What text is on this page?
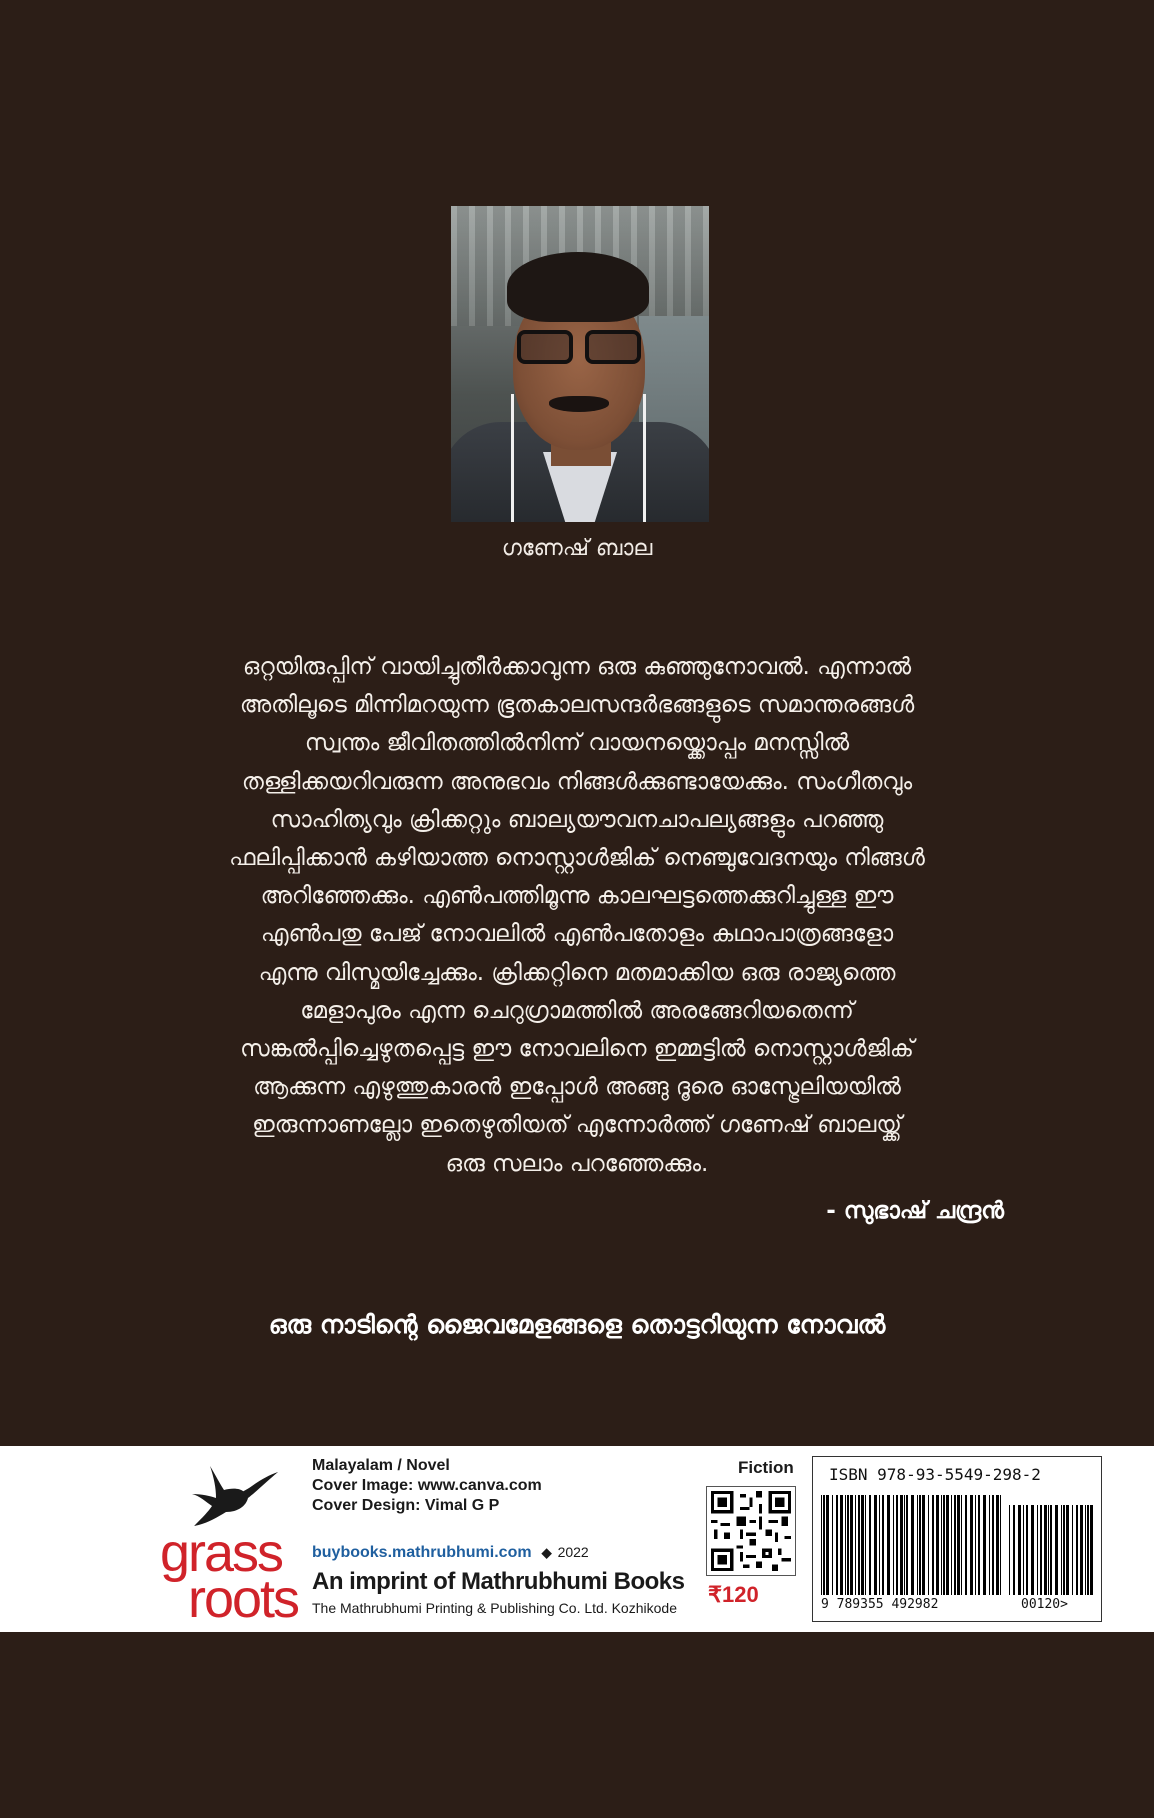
ഗണേഷ് ബാല
ഒറ്റയിരുപ്പിന് വായിച്ചുതീർക്കാവുന്ന ഒരു കുഞ്ഞുനോവൽ. എന്നാൽ
അതിലൂടെ മിന്നിമറയുന്ന ഭൂതകാലസന്ദർഭങ്ങളുടെ സമാന്തരങ്ങൾ
സ്വന്തം ജീവിതത്തിൽനിന്ന് വായനയ്ക്കൊപ്പം മനസ്സിൽ
തള്ളിക്കയറിവരുന്ന അനുഭവം നിങ്ങൾക്കുണ്ടായേക്കും. സംഗീതവും
സാഹിത്യവും ക്രിക്കറ്റും ബാല്യയൗവനചാപല്യങ്ങളും പറഞ്ഞു
ഫലിപ്പിക്കാൻ കഴിയാത്ത നൊസ്റ്റാൾജിക് നെഞ്ചുവേദനയും നിങ്ങൾ
അറിഞ്ഞേക്കും. എൺപത്തിമൂന്നു കാലഘട്ടത്തെക്കുറിച്ചുള്ള ഈ
എൺപതു പേജ് നോവലിൽ എൺപതോളം കഥാപാത്രങ്ങളോ
എന്നു വിസ്മയിച്ചേക്കും. ക്രിക്കറ്റിനെ മതമാക്കിയ ഒരു രാജ്യത്തെ
മേളാപുരം എന്ന ചെറുഗ്രാമത്തിൽ അരങ്ങേറിയതെന്ന്
സങ്കൽപ്പിച്ചെഴുതപ്പെട്ട ഈ നോവലിനെ ഇമ്മട്ടിൽ നൊസ്റ്റാൾജിക്
ആക്കുന്ന എഴുത്തുകാരൻ ഇപ്പോൾ അങ്ങു ദൂരെ ഓസ്ട്രേലിയയിൽ
ഇരുന്നാണല്ലോ ഇതെഴുതിയത് എന്നോർത്ത് ഗണേഷ് ബാലയ്ക്ക്
ഒരു സലാം പറഞ്ഞേക്കും.
- സുഭാഷ് ചന്ദ്രൻ
ഒരു നാടിന്റെ ജൈവമേളങ്ങളെ തൊട്ടറിയുന്ന നോവൽ
grass
roots
Malayalam / Novel
Cover Image: www.canva.com
Cover Design: Vimal G P
buybooks.mathrubhumi.com ◆ 2022
An imprint of Mathrubhumi Books
The Mathrubhumi Printing & Publishing Co. Ltd. Kozhikode
Fiction
₹120
ISBN 978-93-5549-298-2
9 789355 492982	00120>
